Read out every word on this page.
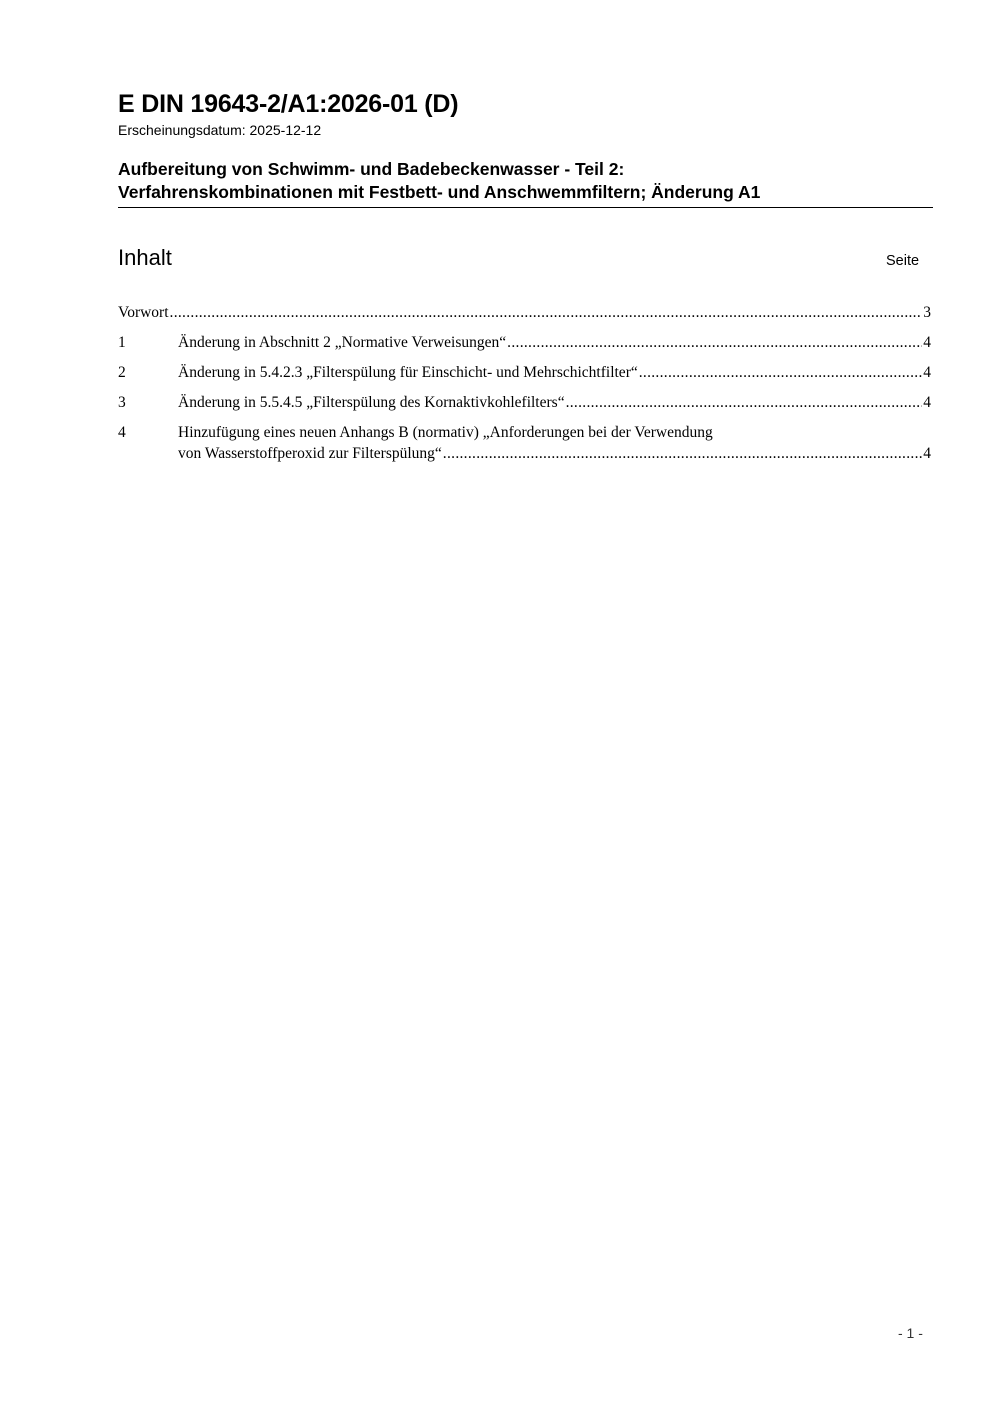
E DIN 19643-2/A1:2026-01 (D)
Erscheinungsdatum: 2025-12-12
Aufbereitung von Schwimm- und Badebeckenwasser - Teil 2:
Verfahrenskombinationen mit Festbett- und Anschwemmfiltern; Änderung A1
Inhalt	Seite
Vorwort .....	3
1	Änderung in Abschnitt 2 „Normative Verweisungen“ .....	4
2	Änderung in 5.4.2.3 „Filterspülung für Einschicht- und Mehrschichtfilter“ .....	4
3	Änderung in 5.5.4.5 „Filterspülung des Kornaktivkohlefilters“ .....	4
4	Hinzufügung eines neuen Anhangs B (normativ) „Anforderungen bei der Verwendung
von Wasserstoffperoxid zur Filterspülung“ .....	4
- 1 -
